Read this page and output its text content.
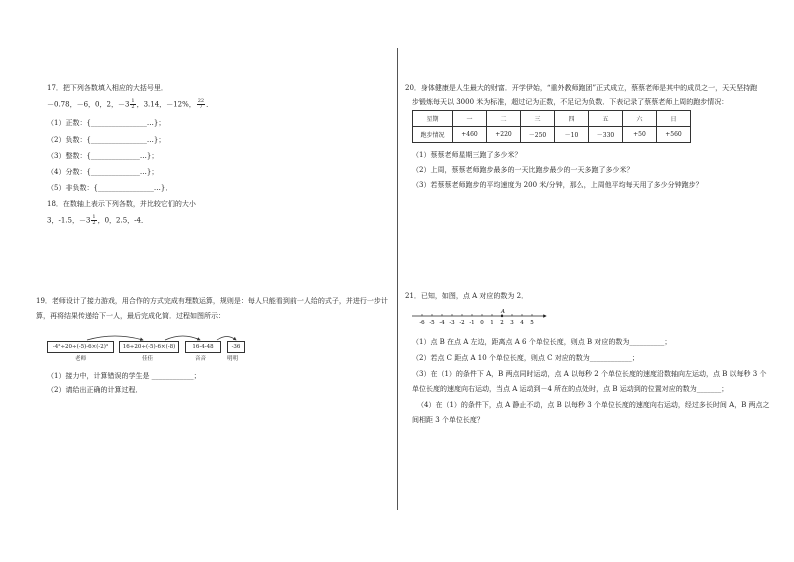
17．把下列各数填入相应的大括号里．
－0.78，－6，0，2，$-3 \frac{1}{2}$ ，3.14，－12%， $\frac{22}{7}$ ．
（1）正数：{________________…}；
（2）负数：{________________…}；
（3）整数：{______________…}；
（4）分数：{______________…}；
（5）非负数：{________________…}．
18．在数轴上表示下列各数，并比较它们的大小
3，-1.5，$-3 \frac{1}{2}$ ，0，2.5，-4．
19．老师设计了接力游戏，用合作的方式完成有理数运算，规则是：每人只能看到前一人给的式子，并进行一步计
算，再将结果传递给下一人，最后完成化简．过程如图所示：
-4²÷20÷(-5)-6×(-2)³	16÷20÷(-5)-6×(-8)	16-4-48	-36
老师	佳佳	音音	明明
（1）接力中，计算错误的学生是 ____________；
（2）请给出正确的计算过程．
20．身体健康是人生最大的财富．开学伊始，“重外教师跑团”正式成立，蔡蔡老师是其中的成员之一，天天坚持跑
步锻炼每天以 3000 米为标准，超过记为正数，不足记为负数．下表记录了蔡蔡老师上周的跑步情况：
星期	一	二	三	四	五	六	日
跑步情况	+460	+220	－250	－10	－330	+50	+560
（1）蔡蔡老师星期三跑了多少米？
（2）上周，蔡蔡老师跑步最多的一天比跑步最少的一天多跑了多少米？
（3）若蔡蔡老师跑步的平均速度为 200 米/分钟，那么，上周他平均每天用了多少分钟跑步？
21．已知，如图，点 A 对应的数为 2．
-6 -5 -4 -3 -2 -1 0 1 2 3 4 5
A
（1）点 B 在点 A 左边，距离点 A 6 个单位长度，则点 B 对应的数为__________；
（2）若点 C 距点 A 10 个单位长度，则点 C 对应的数为____________；
（3）在（1）的条件下 A，B 两点同时运动，点 A 以每秒 2 个单位长度的速度沿数轴向左运动，点 B 以每秒 3 个
单位长度的速度向右运动，当点 A 运动到－4 所在的点处时，点 B 运动到的位置对应的数为_______；
（4）在（1）的条件下，点 A 静止不动，点 B 以每秒 3 个单位长度的速度向右运动，经过多长时间 A，B 两点之
间相距 3 个单位长度？
